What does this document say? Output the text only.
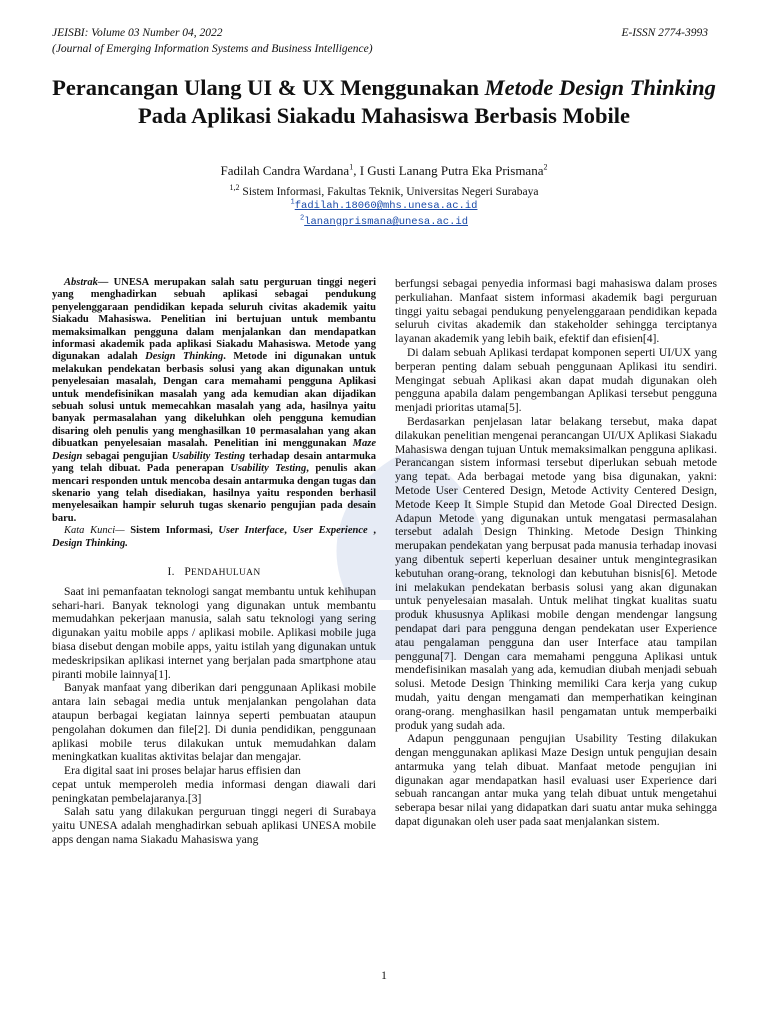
JEISBI: Volume 03 Number 04, 2022
(Journal of Emerging Information Systems and Business Intelligence)
E-ISSN 2774-3993
Perancangan Ulang UI & UX Menggunakan Metode Design Thinking Pada Aplikasi Siakadu Mahasiswa Berbasis Mobile
Fadilah Candra Wardana$^1$, I Gusti Lanang Putra Eka Prismana$^2$
$^{1,2}$ Sistem Informasi, Fakultas Teknik, Universitas Negeri Surabaya
$^1$fadilah.18060@mhs.unesa.ac.id
$^2$lanangprismana@unesa.ac.id

Abstrak— UNESA merupakan salah satu perguruan tinggi negeri yang menghadirkan sebuah aplikasi sebagai pendukung penyelenggaraan pendidikan kepada seluruh civitas akademik yaitu Siakadu Mahasiswa. Penelitian ini bertujuan untuk membantu memaksimalkan pengguna dalam menjalankan dan mendapatkan informasi akademik pada aplikasi Siakadu Mahasiswa. Metode yang digunakan adalah Design Thinking. Metode ini digunakan untuk melakukan pendekatan berbasis solusi yang akan digunakan untuk penyelesaian masalah, Dengan cara memahami pengguna Aplikasi untuk mendefisinikan masalah yang ada kemudian akan dijadikan sebuah solusi untuk memecahkan masalah yang ada, hasilnya yaitu banyak permasalahan yang dikeluhkan oleh pengguna kemudian disaring oleh penulis yang menghasilkan 10 permasalahan yang akan dibuatkan penyelesaian masalah. Penelitian ini menggunakan Maze Design sebagai pengujian Usability Testing terhadap desain antarmuka yang telah dibuat. Pada penerapan Usability Testing, penulis akan mencari responden untuk mencoba desain antarmuka dengan tugas dan skenario yang telah disediakan, hasilnya yaitu responden berhasil menyelesaikan hampir seluruh tugas skenario pengujian pada desain baru.

Kata Kunci— Sistem Informasi, User Interface, User Experience , Design Thinking.

I. PENDAHULUAN

Saat ini pemanfaatan teknologi sangat membantu untuk kehihupan sehari-hari. Banyak teknologi yang digunakan untuk membantu memudahkan pekerjaan manusia, salah satu teknologi yang sering digunakan yaitu mobile apps / aplikasi mobile. Aplikasi mobile juga biasa disebut dengan mobile apps, yaitu istilah yang digunakan untuk medeskripsikan aplikasi internet yang berjalan pada smartphone atau piranti mobile lainnya[1].

Banyak manfaat yang diberikan dari penggunaan Aplikasi mobile antara lain sebagai media untuk menjalankan pengolahan data ataupun berbagai kegiatan lainnya seperti pembuatan ataupun pengolahan dokumen dan file[2]. Di dunia pendidikan, penggunaan aplikasi mobile terus dilakukan untuk memudahkan dalam meningkatkan kualitas aktivitas belajar dan mengajar.

Era digital saat ini proses belajar harus effisien dan

cepat untuk memperoleh media informasi dengan diawali dari peningkatan pembelajaranya.[3]

Salah satu yang dilakukan perguruan tinggi negeri di Surabaya yaitu UNESA adalah menghadirkan sebuah aplikasi UNESA mobile apps dengan nama Siakadu Mahasiswa yang

berfungsi sebagai penyedia informasi bagi mahasiswa dalam proses perkuliahan. Manfaat sistem informasi akademik bagi perguruan tinggi yaitu sebagai pendukung penyelenggaraan pendidikan kepada seluruh civitas akademik dan stakeholder sehingga terciptanya layanan akademik yang lebih baik, efektif dan efisien[4].

Di dalam sebuah Aplikasi terdapat komponen seperti UI/UX yang berperan penting dalam sebuah penggunaan Aplikasi itu sendiri. Mengingat sebuah Aplikasi akan dapat mudah digunakan oleh pengguna apabila dalam pengembangan Aplikasi tersebut pengguna menjadi prioritas utama[5].

Berdasarkan penjelasan latar belakang tersebut, maka dapat dilakukan penelitian mengenai perancangan UI/UX Aplikasi Siakadu Mahasiswa dengan tujuan Untuk memaksimalkan pengguna aplikasi. Perancangan sistem informasi tersebut diperlukan sebuah metode yang tepat. Ada berbagai metode yang bisa digunakan, yakni: Metode User Centered Design, Metode Activity Centered Design, Metode Keep It Simple Stupid dan Metode Goal Directed Design. Adapun Metode yang digunakan untuk mengatasi permasalahan tersebut adalah Design Thinking. Metode Design Thinking merupakan pendekatan yang berpusat pada manusia terhadap inovasi yang dibentuk seperti keperluan desainer untuk mengintegrasikan kebutuhan orang-orang, teknologi dan kebutuhan bisnis[6]. Metode ini melakukan pendekatan berbasis solusi yang akan digunakan untuk penyelesaian masalah. Untuk melihat tingkat kualitas suatu produk khususnya Aplikasi mobile dengan mendengar langsung pendapat dari para pengguna dengan pendekatan user Experience atau pengalaman pengguna dan user Interface atau tampilan pengguna[7]. Dengan cara memahami pengguna Aplikasi untuk mendefisinikan masalah yang ada, kemudian diubah menjadi sebuah solusi. Metode Design Thinking memiliki Cara kerja yang cukup mudah, yaitu dengan mengamati dan memperhatikan keinginan orang-orang. menghasilkan hasil pengamatan untuk memperbaiki produk yang sudah ada.

Adapun penggunaan pengujian Usability Testing dilakukan dengan menggunakan aplikasi Maze Design untuk pengujian desain antarmuka yang telah dibuat. Manfaat metode pengujian ini digunakan agar mendapatkan hasil evaluasi user Experience dari sebuah rancangan antar muka yang telah dibuat untuk mengetahui seberapa besar nilai yang didapatkan dari suatu antar muka sehingga dapat digunakan oleh user pada saat menjalankan sistem.

1
